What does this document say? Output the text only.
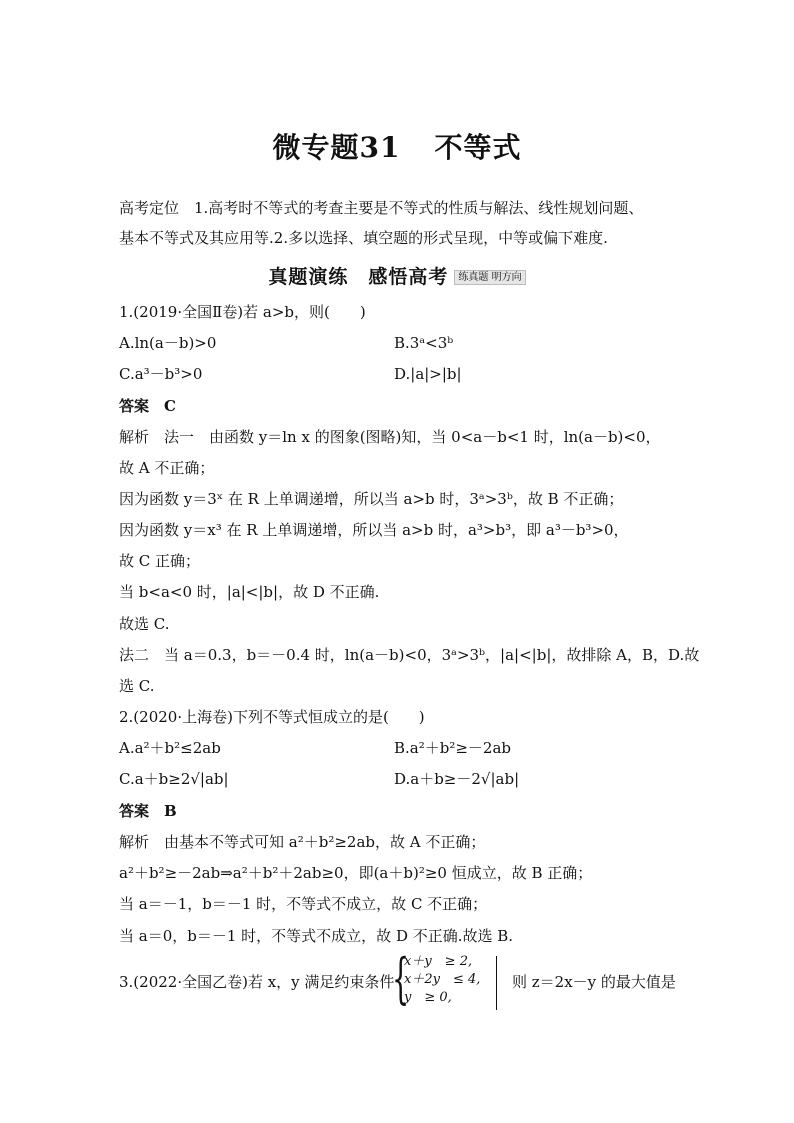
微专题31 不等式
高考定位　1.高考时不等式的考查主要是不等式的性质与解法、线性规划问题、
基本不等式及其应用等.2.多以选择、填空题的形式呈现，中等或偏下难度.
真题演练　感悟高考 练真题 明方向
1.(2019·全国Ⅱ卷)若 a>b，则(　　)
A.ln(a－b)>0	B.3ᵃ<3ᵇ
C.a³－b³>0	D.|a|>|b|
答案　C
解析　法一　由函数 y＝ln x 的图象(图略)知，当 0<a－b<1 时，ln(a－b)<0，
故 A 不正确；
因为函数 y＝3ˣ 在 R 上单调递增，所以当 a>b 时，3ᵃ>3ᵇ，故 B 不正确；
因为函数 y＝x³ 在 R 上单调递增，所以当 a>b 时，a³>b³，即 a³－b³>0，
故 C 正确；
当 b<a<0 时，|a|<|b|，故 D 不正确.
故选 C.
法二　当 a＝0.3，b＝－0.4 时，ln(a－b)<0，3ᵃ>3ᵇ，|a|<|b|，故排除 A，B，D.故
选 C.
2.(2020·上海卷)下列不等式恒成立的是(　　)
A.a²＋b²≤2ab	B.a²＋b²≥－2ab
C.a＋b≥2√|ab|	D.a＋b≥－2√|ab|
答案　B
解析　由基本不等式可知 a²＋b²≥2ab，故 A 不正确；
a²＋b²≥－2ab⇒a²＋b²＋2ab≥0，即(a＋b)²≥0 恒成立，故 B 正确；
当 a＝－1，b＝－1 时，不等式不成立，故 C 不正确；
当 a＝0，b＝－1 时，不等式不成立，故 D 不正确.故选 B.
3.(2022·全国乙卷)若 x，y 满足约束条件
{
x＋y　≥ 2,
x＋2y　≤ 4,
y　≥ 0,
则 z＝2x－y 的最大值是
